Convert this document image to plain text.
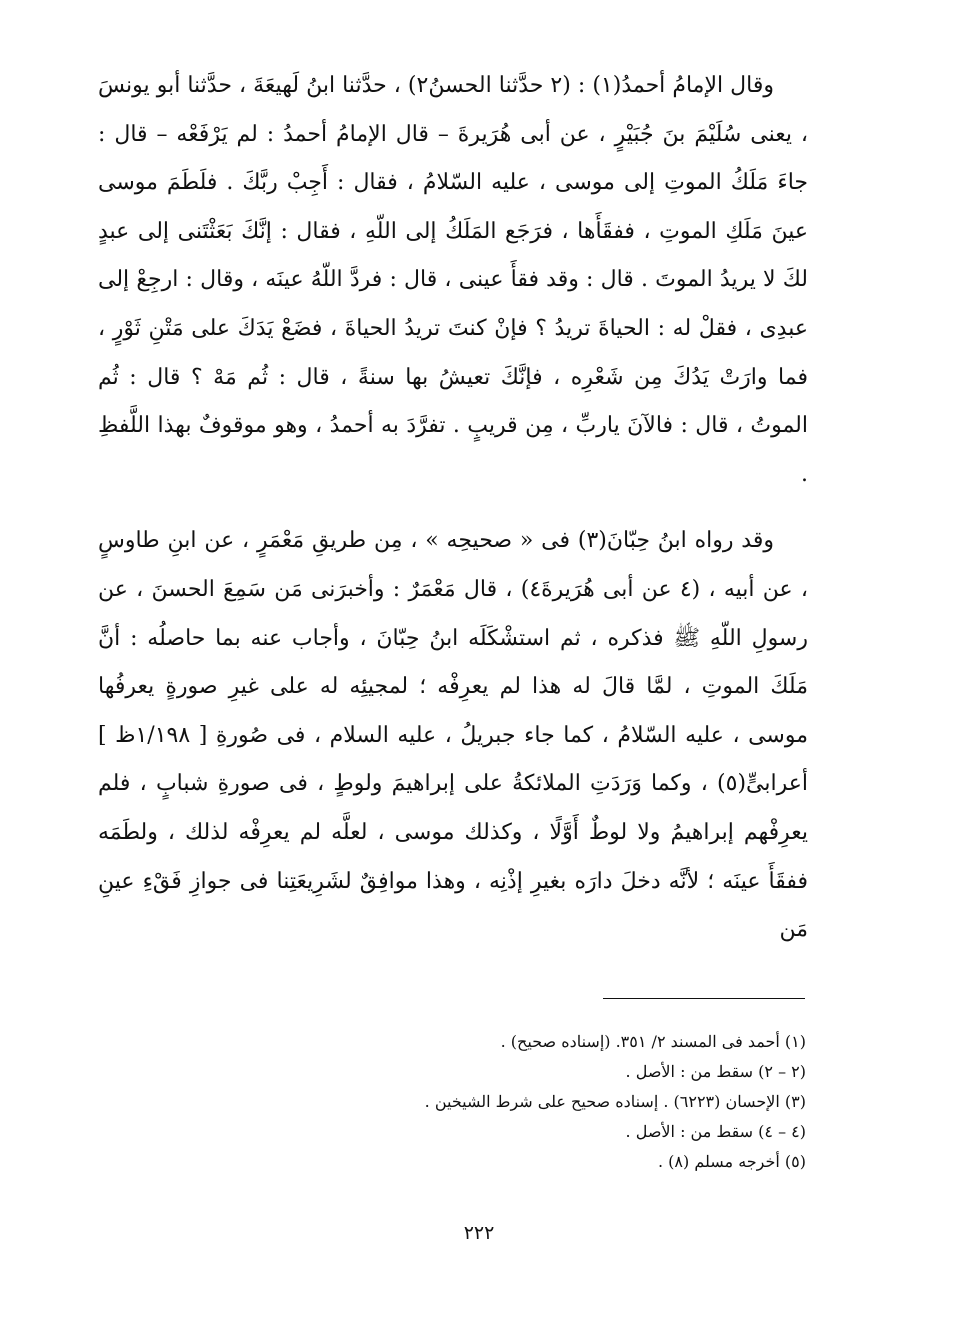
وقال الإمامُ أحمدُ(١) : (٢ حدَّثنا الحسنُ٢) ، حدَّثنا ابنُ لَهيعَةَ ، حدَّثنا أبو يونسَ ، يعنى سُلَيْمَ بنَ جُبَيْرٍ ، عن أبى هُرَيرةَ – قال الإمامُ أحمدُ : لم يَرْفَعْه – قال : جاءَ مَلَكُ الموتِ إلى موسى ، عليه السّلامُ ، فقال : أَجِبْ ربَّكَ . فلَطَمَ موسى عينَ مَلَكِ الموتِ ، ففقَأَها ، فرَجَع المَلَكُ إلى اللّهِ ، فقال : إنَّكَ بَعَثْتَنى إلى عبدٍ لكَ لا يريدُ الموتَ . قال : وقد فقأَ عينى ، قال : فردَّ اللّهُ عينَه ، وقال : ارجِعْ إلى عبدِى ، فقلْ له : الحياةَ تريدُ ؟ فإنْ كنتَ تريدُ الحياةَ ، فضَعْ يَدَكَ على مَتْنِ ثَوْرٍ ، فما وارَتْ يَدُكَ مِن شَعْرِه ، فإنَّكَ تعيشُ بها سنةً ، قال : ثُم مَهْ ؟ قال : ثُم الموتُ ، قال : فالآنَ ياربِّ ، مِن قريبٍ . تفرَّدَ به أحمدُ ، وهو موقوفٌ بهذا اللَّفظِ .

وقد رواه ابنُ حِبّانَ(٣) فى « صحيحِه » ، مِن طريقِ مَعْمَرٍ ، عن ابنِ طاوسٍ ، عن أبيه ، (٤ عن أبى هُرَيرةَ٤) ، قال مَعْمَرٌ : وأخبرَنى مَن سَمِعَ الحسنَ ، عن رسولِ اللّهِ ﷺ فذكره ، ثم استشْكَلَه ابنُ حِبّانَ ، وأجاب عنه بما حاصلُه : أنَّ مَلَكَ الموتِ ، لمَّا قالَ له هذا لم يعرِفْه ؛ لمجيئِه له على غيرِ صورةٍ يعرفُها موسى ، عليه السّلامُ ، كما جاء جبريلُ ، عليه السلام ، فى صُورةِ [ ١/١٩٨ظ ] أعرابىٍّ(٥) ، وكما وَرَدَتِ الملائكةُ على إبراهيمَ ولوطٍ ، فى صورةِ شبابٍ ، فلم يعرِفْهم إبراهيمُ ولا لوطٌ أَوَّلًا ، وكذلك موسى ، لعلَّه لم يعرِفْه لذلك ، ولطَمَه ففقَأَ عينَه ؛ لأنَّه دخلَ دارَه بغيرِ إذْنِه ، وهذا موافِقٌ لشَرِيعَتِنا فى جوازِ فَقْءِ عينِ مَن

(١) أحمد فى المسند ٢/ ٣٥١. (إسناده صحيح) .

(٢ – ٢) سقط من : الأصل .

(٣) الإحسان (٦٢٢٣) . إسناده صحيح على شرط الشيخين .

(٤ – ٤) سقط من : الأصل .

(٥) أخرجه مسلم (٨) .

٢٢٢
